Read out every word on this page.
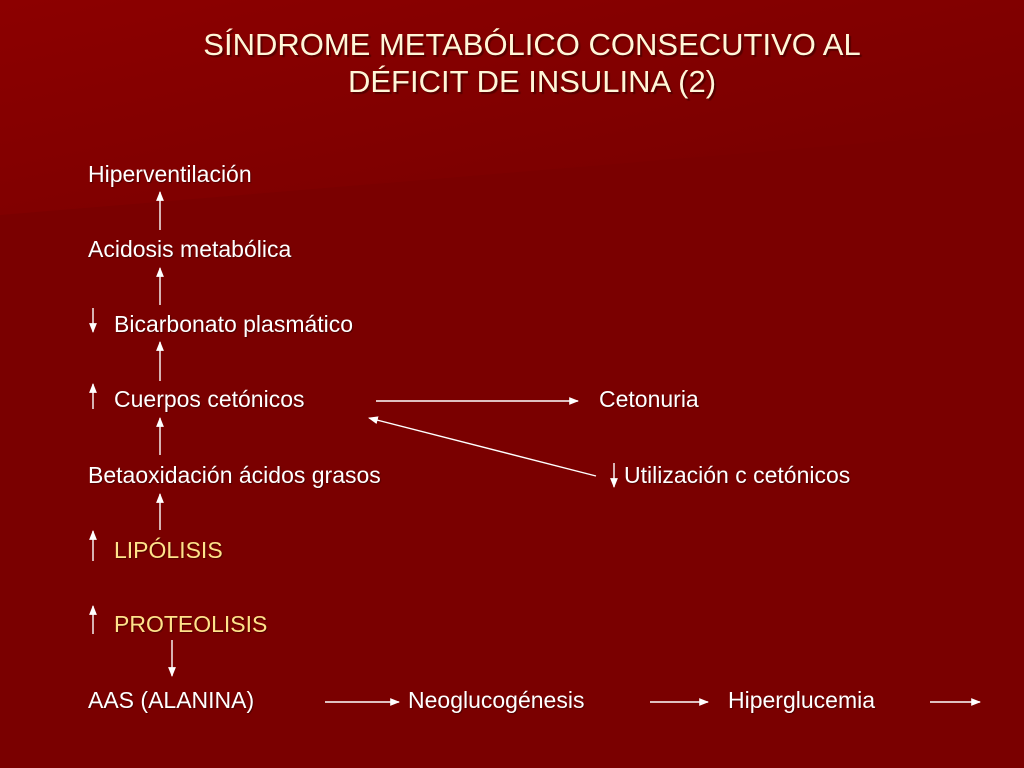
SÍNDROME METABÓLICO CONSECUTIVO AL
DÉFICIT DE INSULINA (2)
Hiperventilación
Acidosis metabólica
Bicarbonato plasmático
Cuerpos cetónicos	Cetonuria
Betaoxidación ácidos grasos	Utilización c cetónicos
LIPÓLISIS
PROTEOLISIS
AAS (ALANINA)	Neoglucogénesis	Hiperglucemia
